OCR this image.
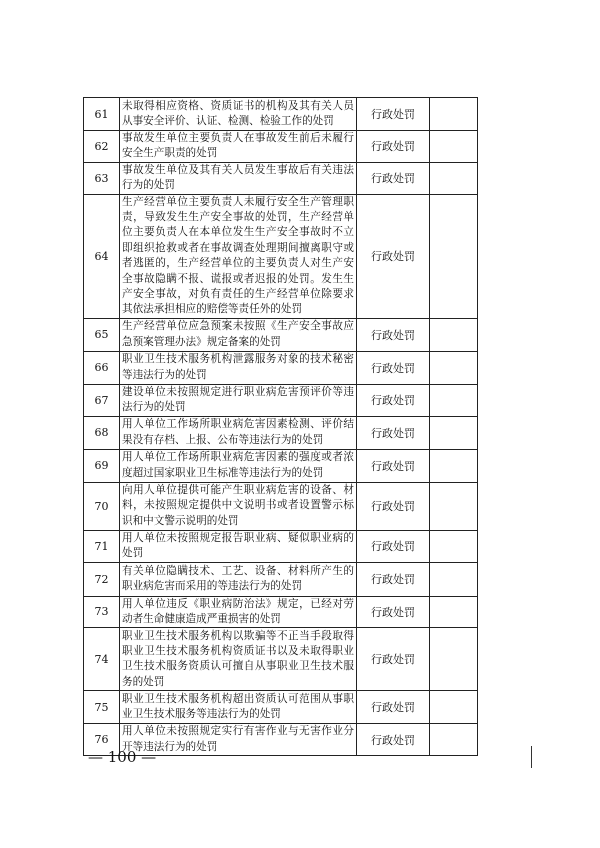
61	未取得相应资格、资质证书的机构及其有关人员从事安全评价、认证、检测、检验工作的处罚	行政处罚	
62	事故发生单位主要负责人在事故发生前后未履行安全生产职责的处罚	行政处罚	
63	事故发生单位及其有关人员发生事故后有关违法行为的处罚	行政处罚	
64	生产经营单位主要负责人未履行安全生产管理职责，导致发生生产安全事故的处罚，生产经营单位主要负责人在本单位发生生产安全事故时不立即组织抢救或者在事故调查处理期间擅离职守或者逃匿的，生产经营单位的主要负责人对生产安全事故隐瞒不报、谎报或者迟报的处罚。发生生产安全事故，对负有责任的生产经营单位除要求其依法承担相应的赔偿等责任外的处罚	行政处罚	
65	生产经营单位应急预案未按照《生产安全事故应急预案管理办法》规定备案的处罚	行政处罚	
66	职业卫生技术服务机构泄露服务对象的技术秘密等违法行为的处罚	行政处罚	
67	建设单位未按照规定进行职业病危害预评价等违法行为的处罚	行政处罚	
68	用人单位工作场所职业病危害因素检测、评价结果没有存档、上报、公布等违法行为的处罚	行政处罚	
69	用人单位工作场所职业病危害因素的强度或者浓度超过国家职业卫生标准等违法行为的处罚	行政处罚	
70	向用人单位提供可能产生职业病危害的设备、材料，未按照规定提供中文说明书或者设置警示标识和中文警示说明的处罚	行政处罚	
71	用人单位未按照规定报告职业病、疑似职业病的处罚	行政处罚	
72	有关单位隐瞒技术、工艺、设备、材料所产生的职业病危害而采用的等违法行为的处罚	行政处罚	
73	用人单位违反《职业病防治法》规定，已经对劳动者生命健康造成严重损害的处罚	行政处罚	
74	职业卫生技术服务机构以欺骗等不正当手段取得职业卫生技术服务机构资质证书以及未取得职业卫生技术服务资质认可擅自从事职业卫生技术服务的处罚	行政处罚	
75	职业卫生技术服务机构超出资质认可范围从事职业卫生技术服务等违法行为的处罚	行政处罚	
76	用人单位未按照规定实行有害作业与无害作业分开等违法行为的处罚	行政处罚	
— 100 —
